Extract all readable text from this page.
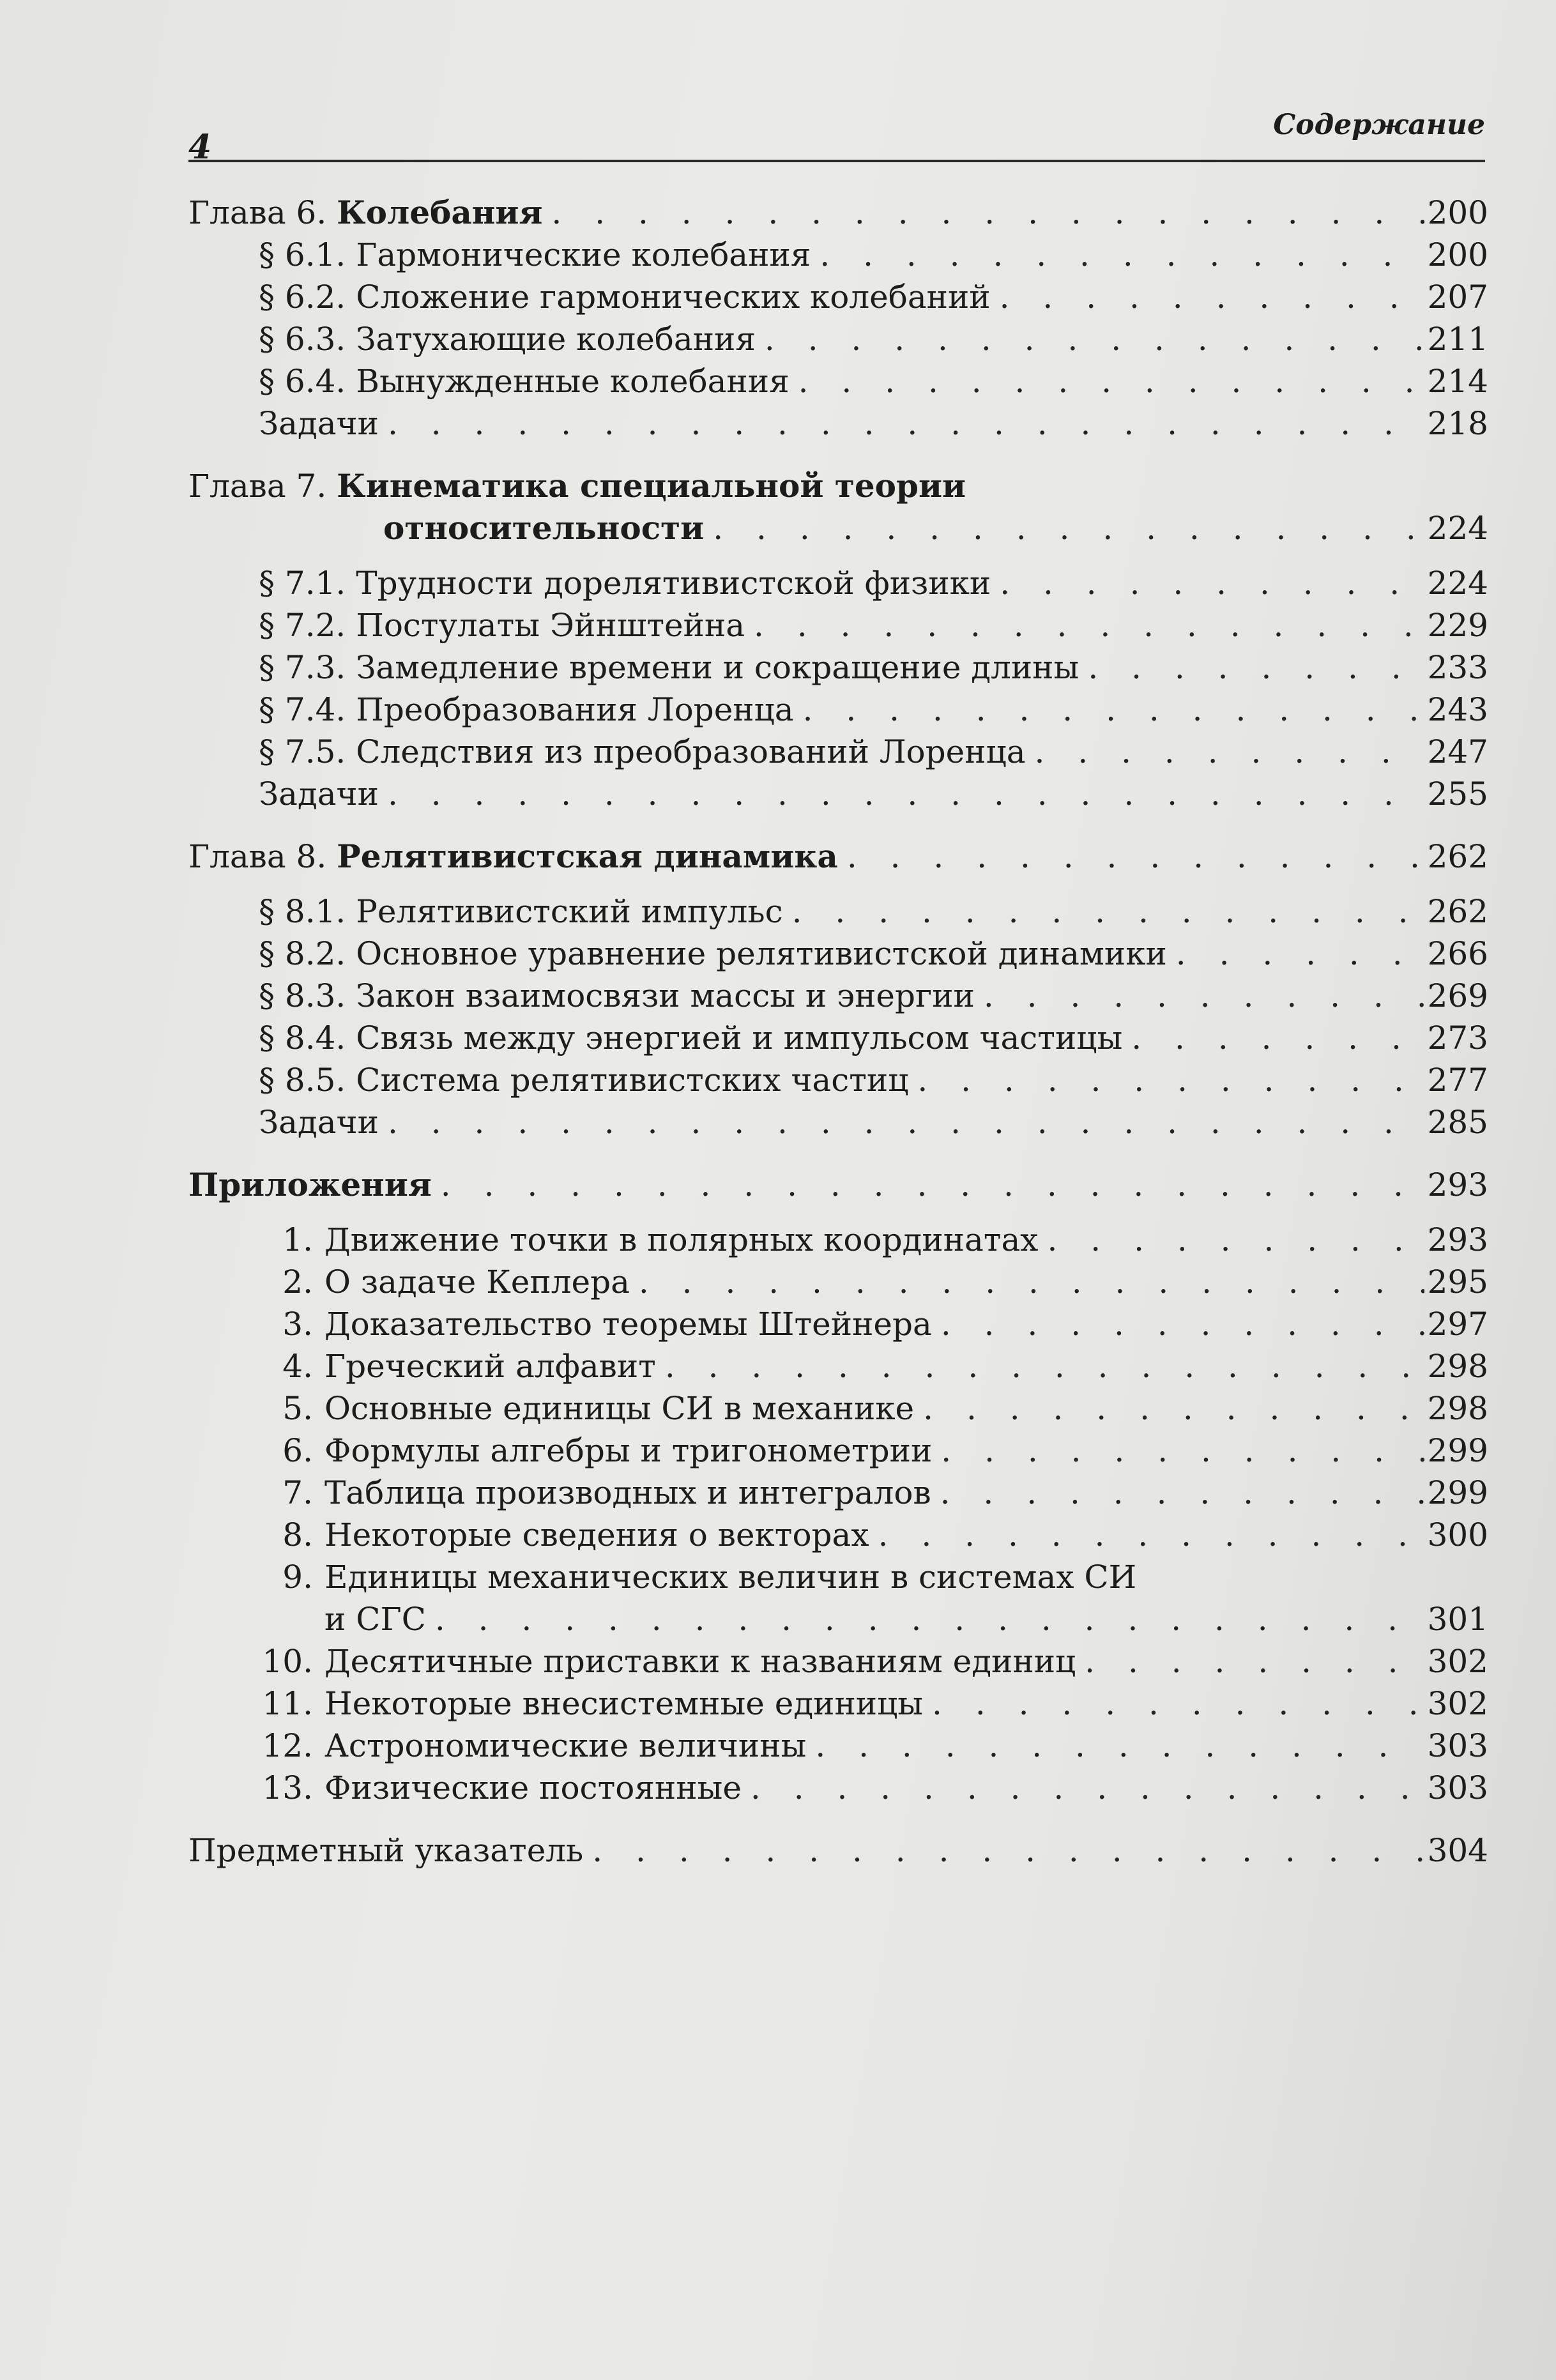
4
Содержание
Глава 6. Колебания . . .	200
§ 6.1. Гармонические колебания . . .	200
§ 6.2. Сложение гармонических колебаний . . .	207
§ 6.3. Затухающие колебания . . .	211
§ 6.4. Вынужденные колебания . . .	214
Задачи . . .	218
Глава 7. Кинематика специальной теории
относительности . . .	224
§ 7.1. Трудности дорелятивистской физики . . .	224
§ 7.2. Постулаты Эйнштейна . . .	229
§ 7.3. Замедление времени и сокращение длины . . .	233
§ 7.4. Преобразования Лоренца . . .	243
§ 7.5. Следствия из преобразований Лоренца . . .	247
Задачи . . .	255
Глава 8. Релятивистская динамика . . .	262
§ 8.1. Релятивистский импульс . . .	262
§ 8.2. Основное уравнение релятивистской динамики . . .	266
§ 8.3. Закон взаимосвязи массы и энергии . . .	269
§ 8.4. Связь между энергией и импульсом частицы . . .	273
§ 8.5. Система релятивистских частиц . . .	277
Задачи . . .	285
Приложения . . .	293
1. Движение точки в полярных координатах . . .	293
2. О задаче Кеплера . . .	295
3. Доказательство теоремы Штейнера . . .	297
4. Греческий алфавит . . .	298
5. Основные единицы СИ в механике . . .	298
6. Формулы алгебры и тригонометрии . . .	299
7. Таблица производных и интегралов . . .	299
8. Некоторые сведения о векторах . . .	300
9. Единицы механических величин в системах СИ
и СГС . . .	301
10. Десятичные приставки к названиям единиц . . .	302
11. Некоторые внесистемные единицы . . .	302
12. Астрономические величины . . .	303
13. Физические постоянные . . .	303
Предметный указатель . . .	304
